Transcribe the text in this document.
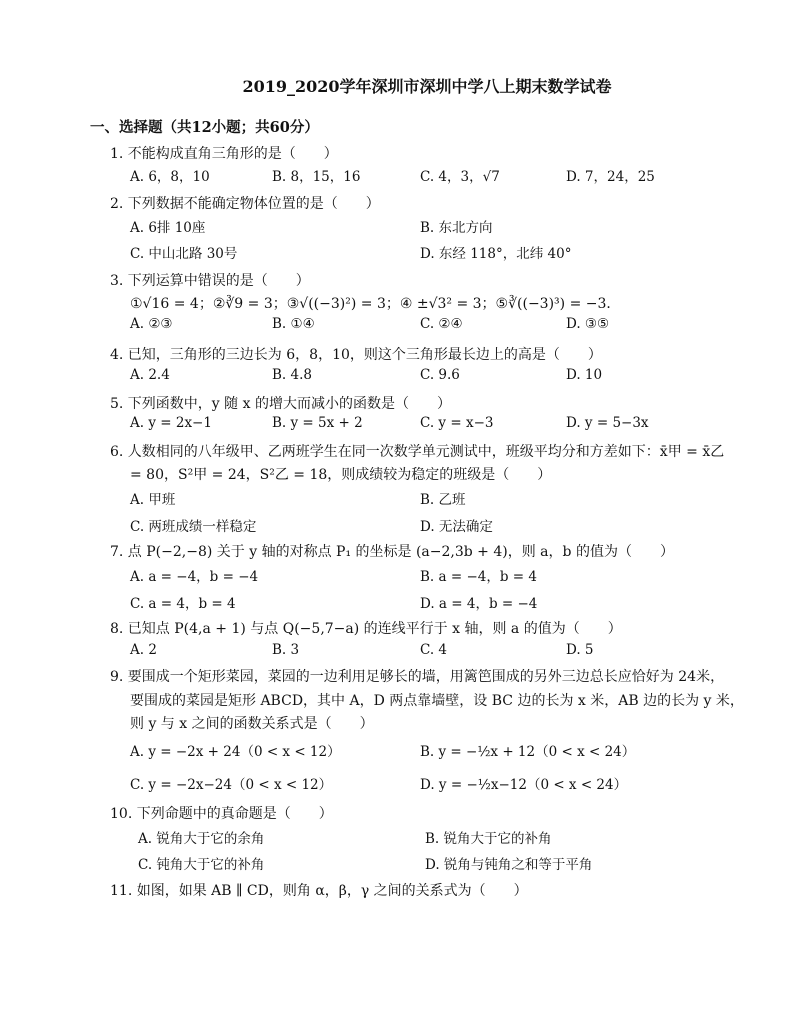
2019_2020学年深圳市深圳中学八上期末数学试卷
一、选择题（共12小题；共60分）
1. 不能构成直角三角形的是（　　）
A. 6，8，10	B. 8，15，16	C. 4，3，√7	D. 7，24，25
2. 下列数据不能确定物体位置的是（　　）
A. 6排 10座	B. 东北方向
C. 中山北路 30号	D. 东经 118°，北纬 40°
3. 下列运算中错误的是（　　）
①√16 = 4；②∛9 = 3；③√((−3)²) = 3；④ ±√3² = 3；⑤∛((−3)³) = −3．
A. ②③	B. ①④	C. ②④	D. ③⑤
4. 已知，三角形的三边长为 6，8，10，则这个三角形最长边上的高是（　　）
A. 2.4	B. 4.8	C. 9.6	D. 10
5. 下列函数中，y 随 x 的增大而减小的函数是（　　）
A. y = 2x−1	B. y = 5x + 2	C. y = x−3	D. y = 5−3x
6. 人数相同的八年级甲、乙两班学生在同一次数学单元测试中，班级平均分和方差如下：x̄甲 = x̄乙
= 80，S²甲 = 24，S²乙 = 18，则成绩较为稳定的班级是（　　）
A. 甲班	B. 乙班
C. 两班成绩一样稳定	D. 无法确定
7. 点 P(−2,−8) 关于 y 轴的对称点 P₁ 的坐标是 (a−2,3b + 4)，则 a，b 的值为（　　）
A. a = −4，b = −4	B. a = −4，b = 4
C. a = 4，b = 4	D. a = 4，b = −4
8. 已知点 P(4,a + 1) 与点 Q(−5,7−a) 的连线平行于 x 轴，则 a 的值为（　　）
A. 2	B. 3	C. 4	D. 5
9. 要围成一个矩形菜园，菜园的一边利用足够长的墙，用篱笆围成的另外三边总长应恰好为 24米，
要围成的菜园是矩形 ABCD，其中 A，D 两点靠墙壁，设 BC 边的长为 x 米，AB 边的长为 y 米，
则 y 与 x 之间的函数关系式是（　　）
A. y = −2x + 24（0 < x < 12）	B. y = −½x + 12（0 < x < 24）
C. y = −2x−24（0 < x < 12）	D. y = −½x−12（0 < x < 24）
10. 下列命题中的真命题是（　　）
A. 锐角大于它的余角	B. 锐角大于它的补角
C. 钝角大于它的补角	D. 锐角与钝角之和等于平角
11. 如图，如果 AB ∥ CD，则角 α，β，γ 之间的关系式为（　　）
